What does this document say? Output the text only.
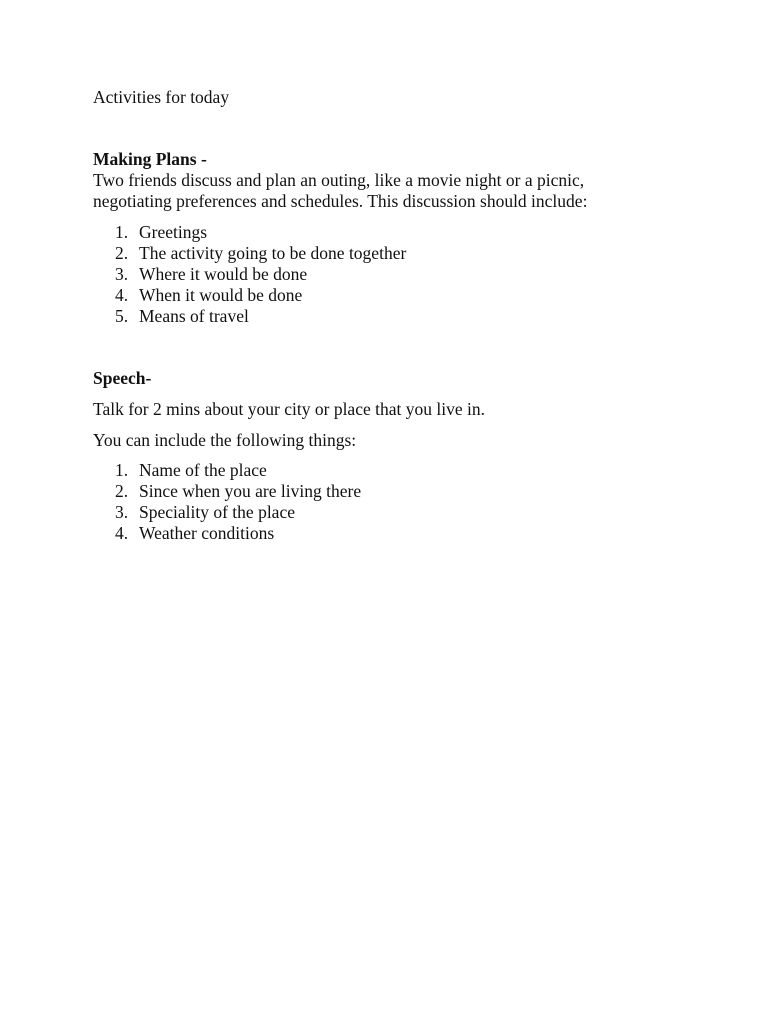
Activities for today
Making Plans -
Two friends discuss and plan an outing, like a movie night or a picnic, negotiating preferences and schedules. This discussion should include:
1. Greetings
2. The activity going to be done together
3. Where it would be done
4. When it would be done
5. Means of travel
Speech-
Talk for 2 mins about your city or place that you live in.
You can include the following things:
1. Name of the place
2. Since when you are living there
3. Speciality of the place
4. Weather conditions
